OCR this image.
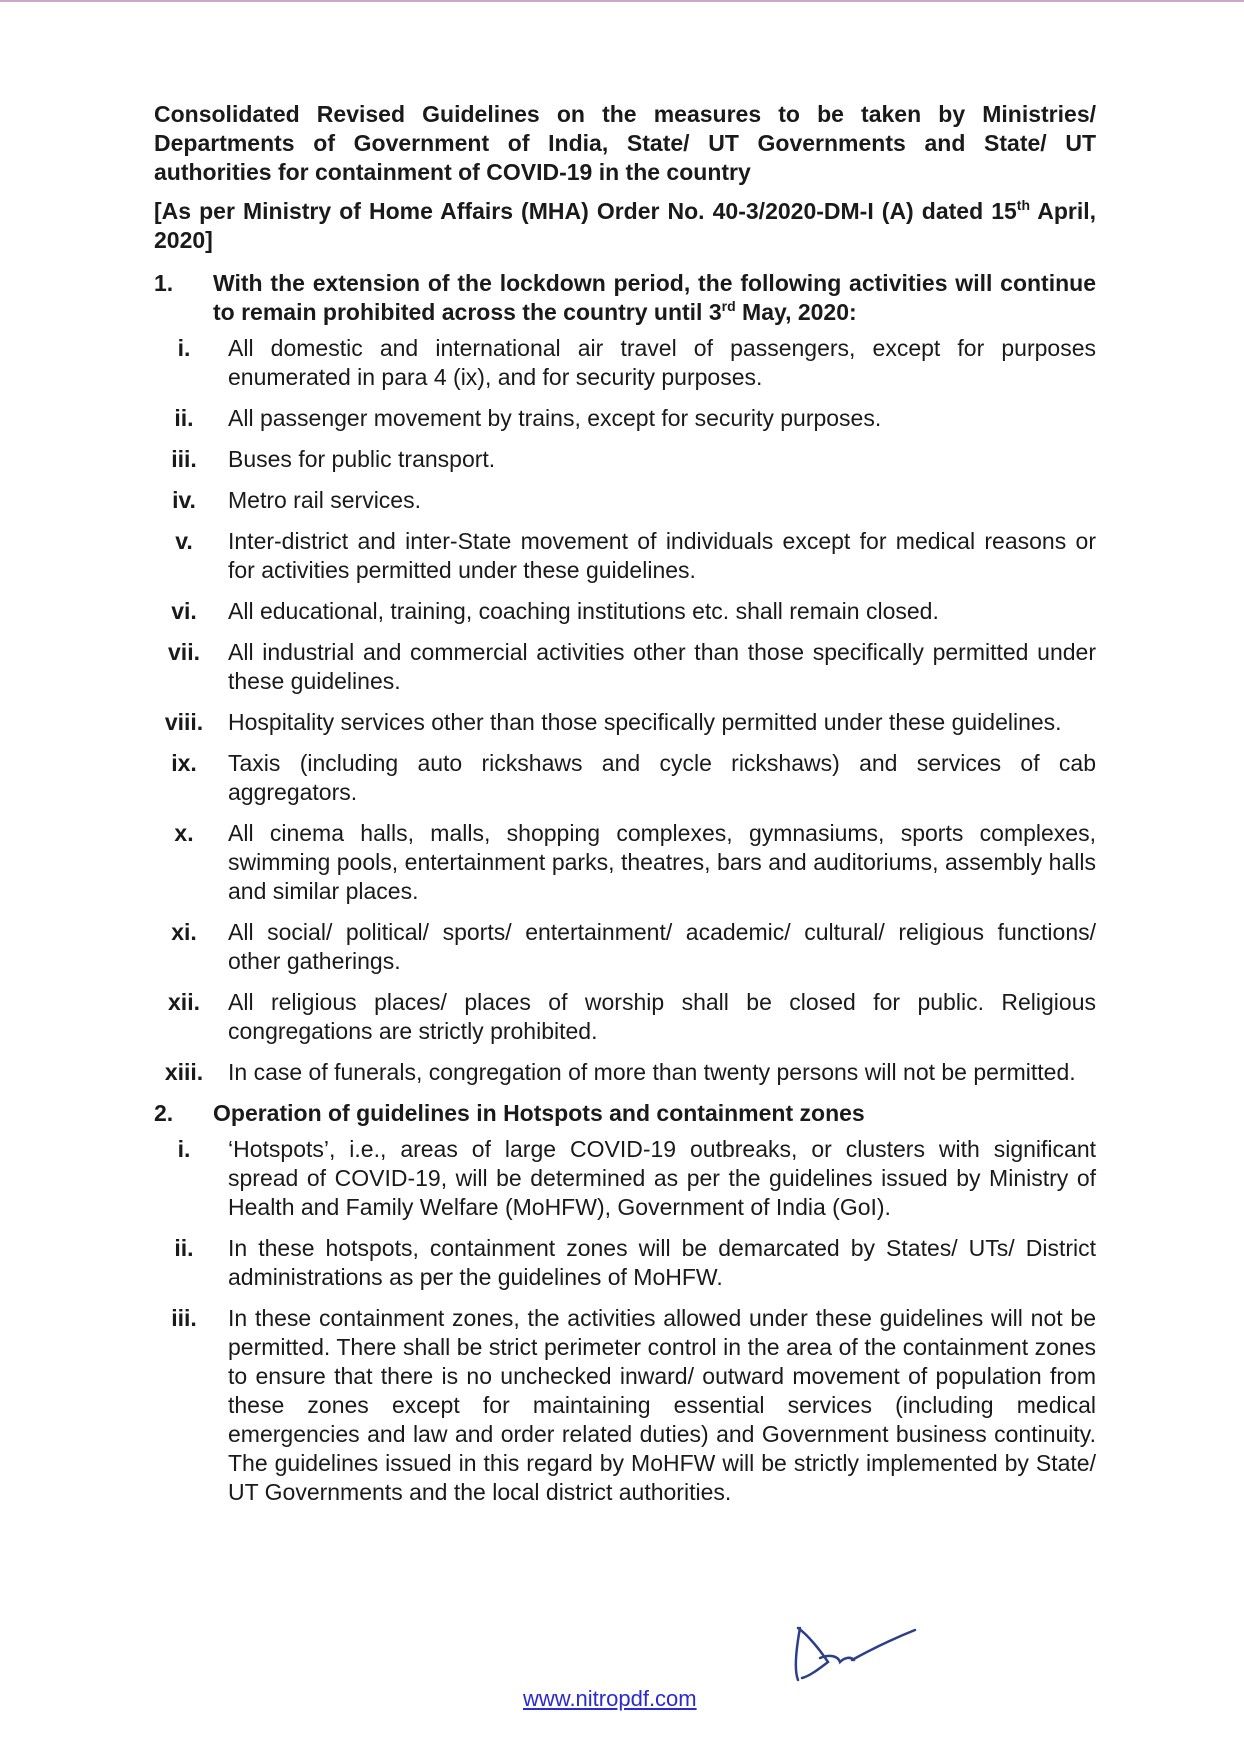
Consolidated Revised Guidelines on the measures to be taken by Ministries/ Departments of Government of India, State/ UT Governments and State/ UT authorities for containment of COVID-19 in the country

[As per Ministry of Home Affairs (MHA) Order No. 40-3/2020-DM-I (A) dated 15th April, 2020]

1.	With the extension of the lockdown period, the following activities will continue to remain prohibited across the country until 3rd May, 2020:
i.	All domestic and international air travel of passengers, except for purposes enumerated in para 4 (ix), and for security purposes.
ii.	All passenger movement by trains, except for security purposes.
iii.	Buses for public transport.
iv.	Metro rail services.
v.	Inter-district and inter-State movement of individuals except for medical reasons or for activities permitted under these guidelines.
vi.	All educational, training, coaching institutions etc. shall remain closed.
vii.	All industrial and commercial activities other than those specifically permitted under these guidelines.
viii.	Hospitality services other than those specifically permitted under these guidelines.
ix.	Taxis (including auto rickshaws and cycle rickshaws) and services of cab aggregators.
x.	All cinema halls, malls, shopping complexes, gymnasiums, sports complexes, swimming pools, entertainment parks, theatres, bars and auditoriums, assembly halls and similar places.
xi.	All social/ political/ sports/ entertainment/ academic/ cultural/ religious functions/ other gatherings.
xii.	All religious places/ places of worship shall be closed for public. Religious congregations are strictly prohibited.
xiii.	In case of funerals, congregation of more than twenty persons will not be permitted.
2.	Operation of guidelines in Hotspots and containment zones
i.	‘Hotspots’, i.e., areas of large COVID-19 outbreaks, or clusters with significant spread of COVID-19, will be determined as per the guidelines issued by Ministry of Health and Family Welfare (MoHFW), Government of India (GoI).
ii.	In these hotspots, containment zones will be demarcated by States/ UTs/ District administrations as per the guidelines of MoHFW.
iii.	In these containment zones, the activities allowed under these guidelines will not be permitted. There shall be strict perimeter control in the area of the containment zones to ensure that there is no unchecked inward/ outward movement of population from these zones except for maintaining essential services (including medical emergencies and law and order related duties) and Government business continuity. The guidelines issued in this regard by MoHFW will be strictly implemented by State/ UT Governments and the local district authorities.
www.nitropdf.com
